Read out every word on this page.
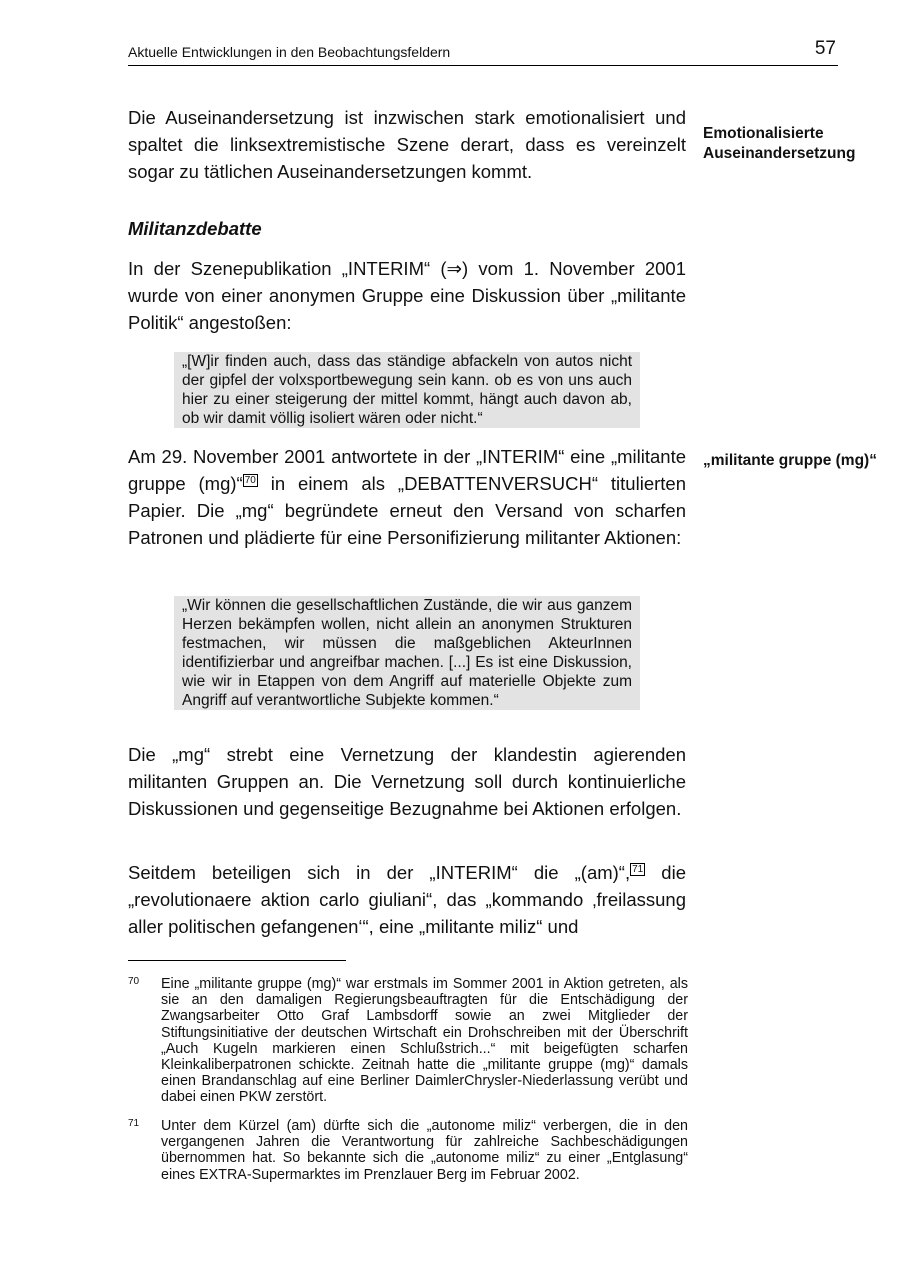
Aktuelle Entwicklungen in den Beobachtungsfeldern	57

Die Auseinandersetzung ist inzwischen stark emotionalisiert und spaltet die linksextremistische Szene derart, dass es vereinzelt sogar zu tätlichen Auseinandersetzungen kommt.

Emotionalisierte Auseinandersetzung
Militanzdebatte

In der Szenepublikation „INTERIM“ (⇒) vom 1. November 2001 wurde von einer anonymen Gruppe eine Diskussion über „militante Politik“ angestoßen:

„[W]ir finden auch, dass das ständige abfackeln von autos nicht der gipfel der volxsportbewegung sein kann. ob es von uns auch hier zu einer steigerung der mittel kommt, hängt auch davon ab, ob wir damit völlig isoliert wären oder nicht.“

Am 29. November 2001 antwortete in der „INTERIM“ eine „militante gruppe (mg)“ $^{70}$ in einem als „DEBATTENVERSUCH“ titulierten Papier. Die „mg“ begründete erneut den Versand von scharfen Patronen und plädierte für eine Personifizierung militanter Aktionen:

„militante gruppe (mg)“
„Wir können die gesellschaftlichen Zustände, die wir aus ganzem Herzen bekämpfen wollen, nicht allein an anonymen Strukturen festmachen, wir müssen die maßgeblichen AkteurInnen identifizierbar und angreifbar machen. [...] Es ist eine Diskussion, wie wir in Etappen von dem Angriff auf materielle Objekte zum Angriff auf verantwortliche Subjekte kommen.“

Die „mg“ strebt eine Vernetzung der klandestin agierenden militanten Gruppen an. Die Vernetzung soll durch kontinuierliche Diskussionen und gegenseitige Bezugnahme bei Aktionen erfolgen.

Seitdem beteiligen sich in der „INTERIM“ die „(am)“, $^{71}$ die „revolutionaere aktion carlo giuliani“, das „kommando ‚freilassung aller politischen gefangenen‘“, eine „militante miliz“ und

70 Eine „militante gruppe (mg)“ war erstmals im Sommer 2001 in Aktion getreten, als sie an den damaligen Regierungsbeauftragten für die Entschädigung der Zwangsarbeiter Otto Graf Lambsdorff sowie an zwei Mitglieder der Stiftungsinitiative der deutschen Wirtschaft ein Drohschreiben mit der Überschrift „Auch Kugeln markieren einen Schlußstrich...“ mit beigefügten scharfen Kleinkaliberpatronen schickte. Zeitnah hatte die „militante gruppe (mg)“ damals einen Brandanschlag auf eine Berliner DaimlerChrysler-Niederlassung verübt und dabei einen PKW zerstört.
71 Unter dem Kürzel (am) dürfte sich die „autonome miliz“ verbergen, die in den vergangenen Jahren die Verantwortung für zahlreiche Sachbeschädigungen übernommen hat. So bekannte sich die „autonome miliz“ zu einer „Entglasung“ eines EXTRA-Supermarktes im Prenzlauer Berg im Februar 2002.
